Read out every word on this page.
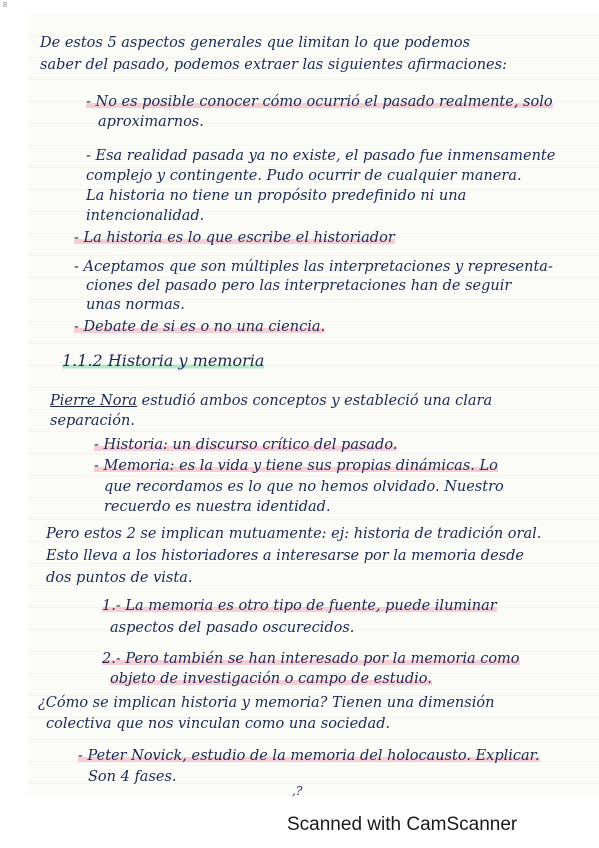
B
De estos 5 aspectos generales que limitan lo que podemos
saber del pasado, podemos extraer las siguientes afirmaciones:
- No es posible conocer cómo ocurrió el pasado realmente, solo
aproximarnos.
- Esa realidad pasada ya no existe, el pasado fue inmensamente
complejo y contingente. Pudo ocurrir de cualquier manera.
La historia no tiene un propósito predefinido ni una
intencionalidad.
- La historia es lo que escribe el historiador
- Aceptamos que son múltiples las interpretaciones y representa-
ciones del pasado pero las interpretaciones han de seguir
unas normas.
- Debate de si es o no una ciencia.
1.1.2 Historia y memoria
Pierre Nora estudió ambos conceptos y estableció una clara
separación.
- Historia: un discurso crítico del pasado.
- Memoria: es la vida y tiene sus propias dinámicas. Lo
que recordamos es lo que no hemos olvidado. Nuestro
recuerdo es nuestra identidad.
Pero estos 2 se implican mutuamente: ej: historia de tradición oral.
Esto lleva a los historiadores a interesarse por la memoria desde
dos puntos de vista.
1.- La memoria es otro tipo de fuente, puede iluminar
aspectos del pasado oscurecidos.
2.- Pero también se han interesado por la memoria como
objeto de investigación o campo de estudio.
¿Cómo se implican historia y memoria? Tienen una dimensión
colectiva que nos vinculan como una sociedad.
- Peter Novick, estudio de la memoria del holocausto. Explicar.
Son 4 fases.
,?
Scanned with CamScanner
